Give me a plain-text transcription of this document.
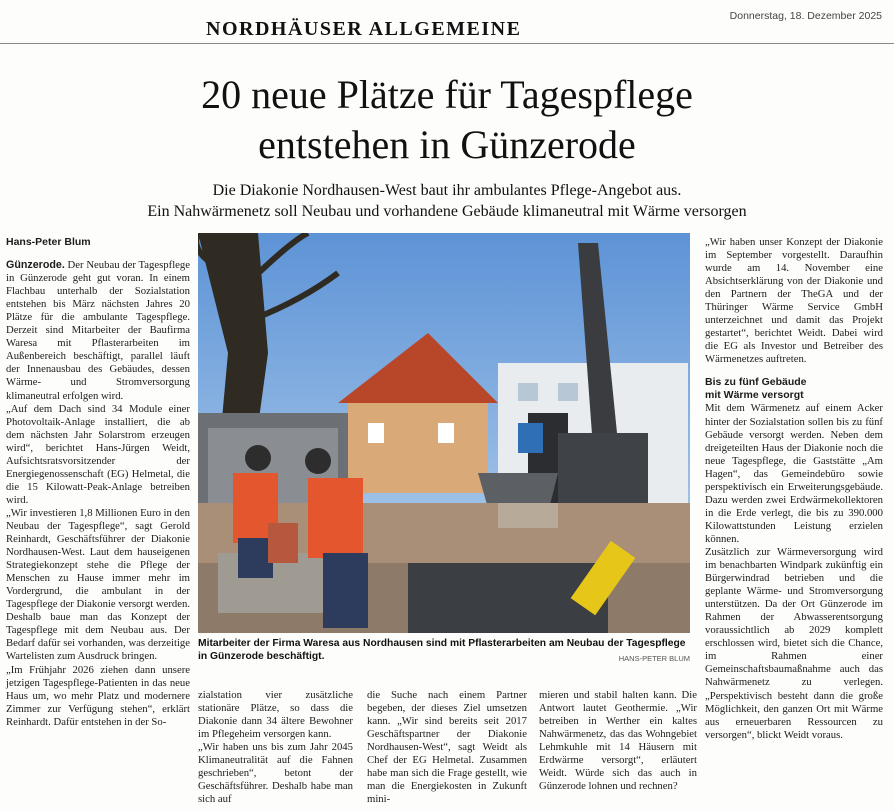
NORDHÄUSER ALLGEMEINE
Donnerstag, 18. Dezember 2025
20 neue Plätze für Tagespflege
entstehen in Günzerode
Die Diakonie Nordhausen-West baut ihr ambulantes Pflege-Angebot aus.
Ein Nahwärmenetz soll Neubau und vorhandene Gebäude klimaneutral mit Wärme versorgen

Hans-Peter Blum

Günzerode. Der Neubau der Tagespflege in Günzerode geht gut voran. In einem Flachbau unterhalb der Sozialstation entstehen bis März nächsten Jahres 20 Plätze für die ambulante Tagespflege. Derzeit sind Mitarbeiter der Baufirma Waresa mit Pflasterarbeiten im Außenbereich beschäftigt, parallel läuft der Innenausbau des Gebäudes, dessen Wärme- und Stromversorgung klimaneutral erfolgen wird.

„Auf dem Dach sind 34 Module einer Photovoltaik-Anlage installiert, die ab dem nächsten Jahr Solarstrom erzeugen wird“, berichtet Hans-Jürgen Weidt, Aufsichtsratsvorsitzender der Energiegenossenschaft (EG) Helmetal, die die 15 Kilowatt-Peak-Anlage betreiben wird.

„Wir investieren 1,8 Millionen Euro in den Neubau der Tagespflege“, sagt Gerold Reinhardt, Geschäftsführer der Diakonie Nordhausen-West. Laut dem hauseigenen Strategiekonzept stehe die Pflege der Menschen zu Hause immer mehr im Vordergrund, die ambulant in der Tagespflege der Diakonie versorgt werden. Deshalb baue man das Konzept der Tagespflege mit dem Neubau aus. Der Bedarf dafür sei vorhanden, was derzeitige Wartelisten zum Ausdruck bringen.

„Im Frühjahr 2026 ziehen dann unsere jetzigen Tagespflege-Patienten in das neue Haus um, wo mehr Platz und modernere Zimmer zur Verfügung stehen“, erklärt Reinhardt. Dafür entstehen in der So-

Mitarbeiter der Firma Waresa aus Nordhausen sind mit Pflasterarbeiten am Neubau der Tagespflege in Günzerode beschäftigt.	HANS-PETER BLUM

zialstation vier zusätzliche stationäre Plätze, so dass die Diakonie dann 34 ältere Bewohner im Pflegeheim versorgen kann.

„Wir haben uns bis zum Jahr 2045 Klimaneutralität auf die Fahnen geschrieben“, betont der Geschäftsführer. Deshalb habe man sich auf

die Suche nach einem Partner begeben, der dieses Ziel umsetzen kann. „Wir sind bereits seit 2017 Geschäftspartner der Diakonie Nordhausen-West“, sagt Weidt als Chef der EG Helmetal. Zusammen habe man sich die Frage gestellt, wie man die Energiekosten in Zukunft mini-

mieren und stabil halten kann. Die Antwort lautet Geothermie. „Wir betreiben in Werther ein kaltes Nahwärmenetz, das das Wohngebiet Lehmkuhle mit 14 Häusern mit Erdwärme versorgt“, erläutert Weidt. Würde sich das auch in Günzerode lohnen und rechnen?

„Wir haben unser Konzept der Diakonie im September vorgestellt. Daraufhin wurde am 14. November eine Absichtserklärung von der Diakonie und den Partnern der TheGA und der Thüringer Wärme Service GmbH unterzeichnet und damit das Projekt gestartet“, berichtet Weidt. Dabei wird die EG als Investor und Betreiber des Wärmenetzes auftreten.

Bis zu fünf Gebäude
mit Wärme versorgt

Mit dem Wärmenetz auf einem Acker hinter der Sozialstation sollen bis zu fünf Gebäude versorgt werden. Neben dem dreigeteilten Haus der Diakonie noch die neue Tagespflege, die Gaststätte „Am Hagen“, das Gemeindebüro sowie perspektivisch ein Erweiterungsgebäude. Dazu werden zwei Erdwärmekollektoren in die Erde verlegt, die bis zu 390.000 Kilowattstunden Leistung erzielen können.

Zusätzlich zur Wärmeversorgung wird im benachbarten Windpark zukünftig ein Bürgerwindrad betrieben und die geplante Wärme- und Stromversorgung unterstützen. Da der Ort Günzerode im Rahmen der Abwasserentsorgung voraussichtlich ab 2029 komplett erschlossen wird, bietet sich die Chance, im Rahmen einer Gemeinschaftsbaumaßnahme auch das Nahwärmenetz zu verlegen. „Perspektivisch besteht dann die große Möglichkeit, den ganzen Ort mit Wärme aus erneuerbaren Ressourcen zu versorgen“, blickt Weidt voraus.
